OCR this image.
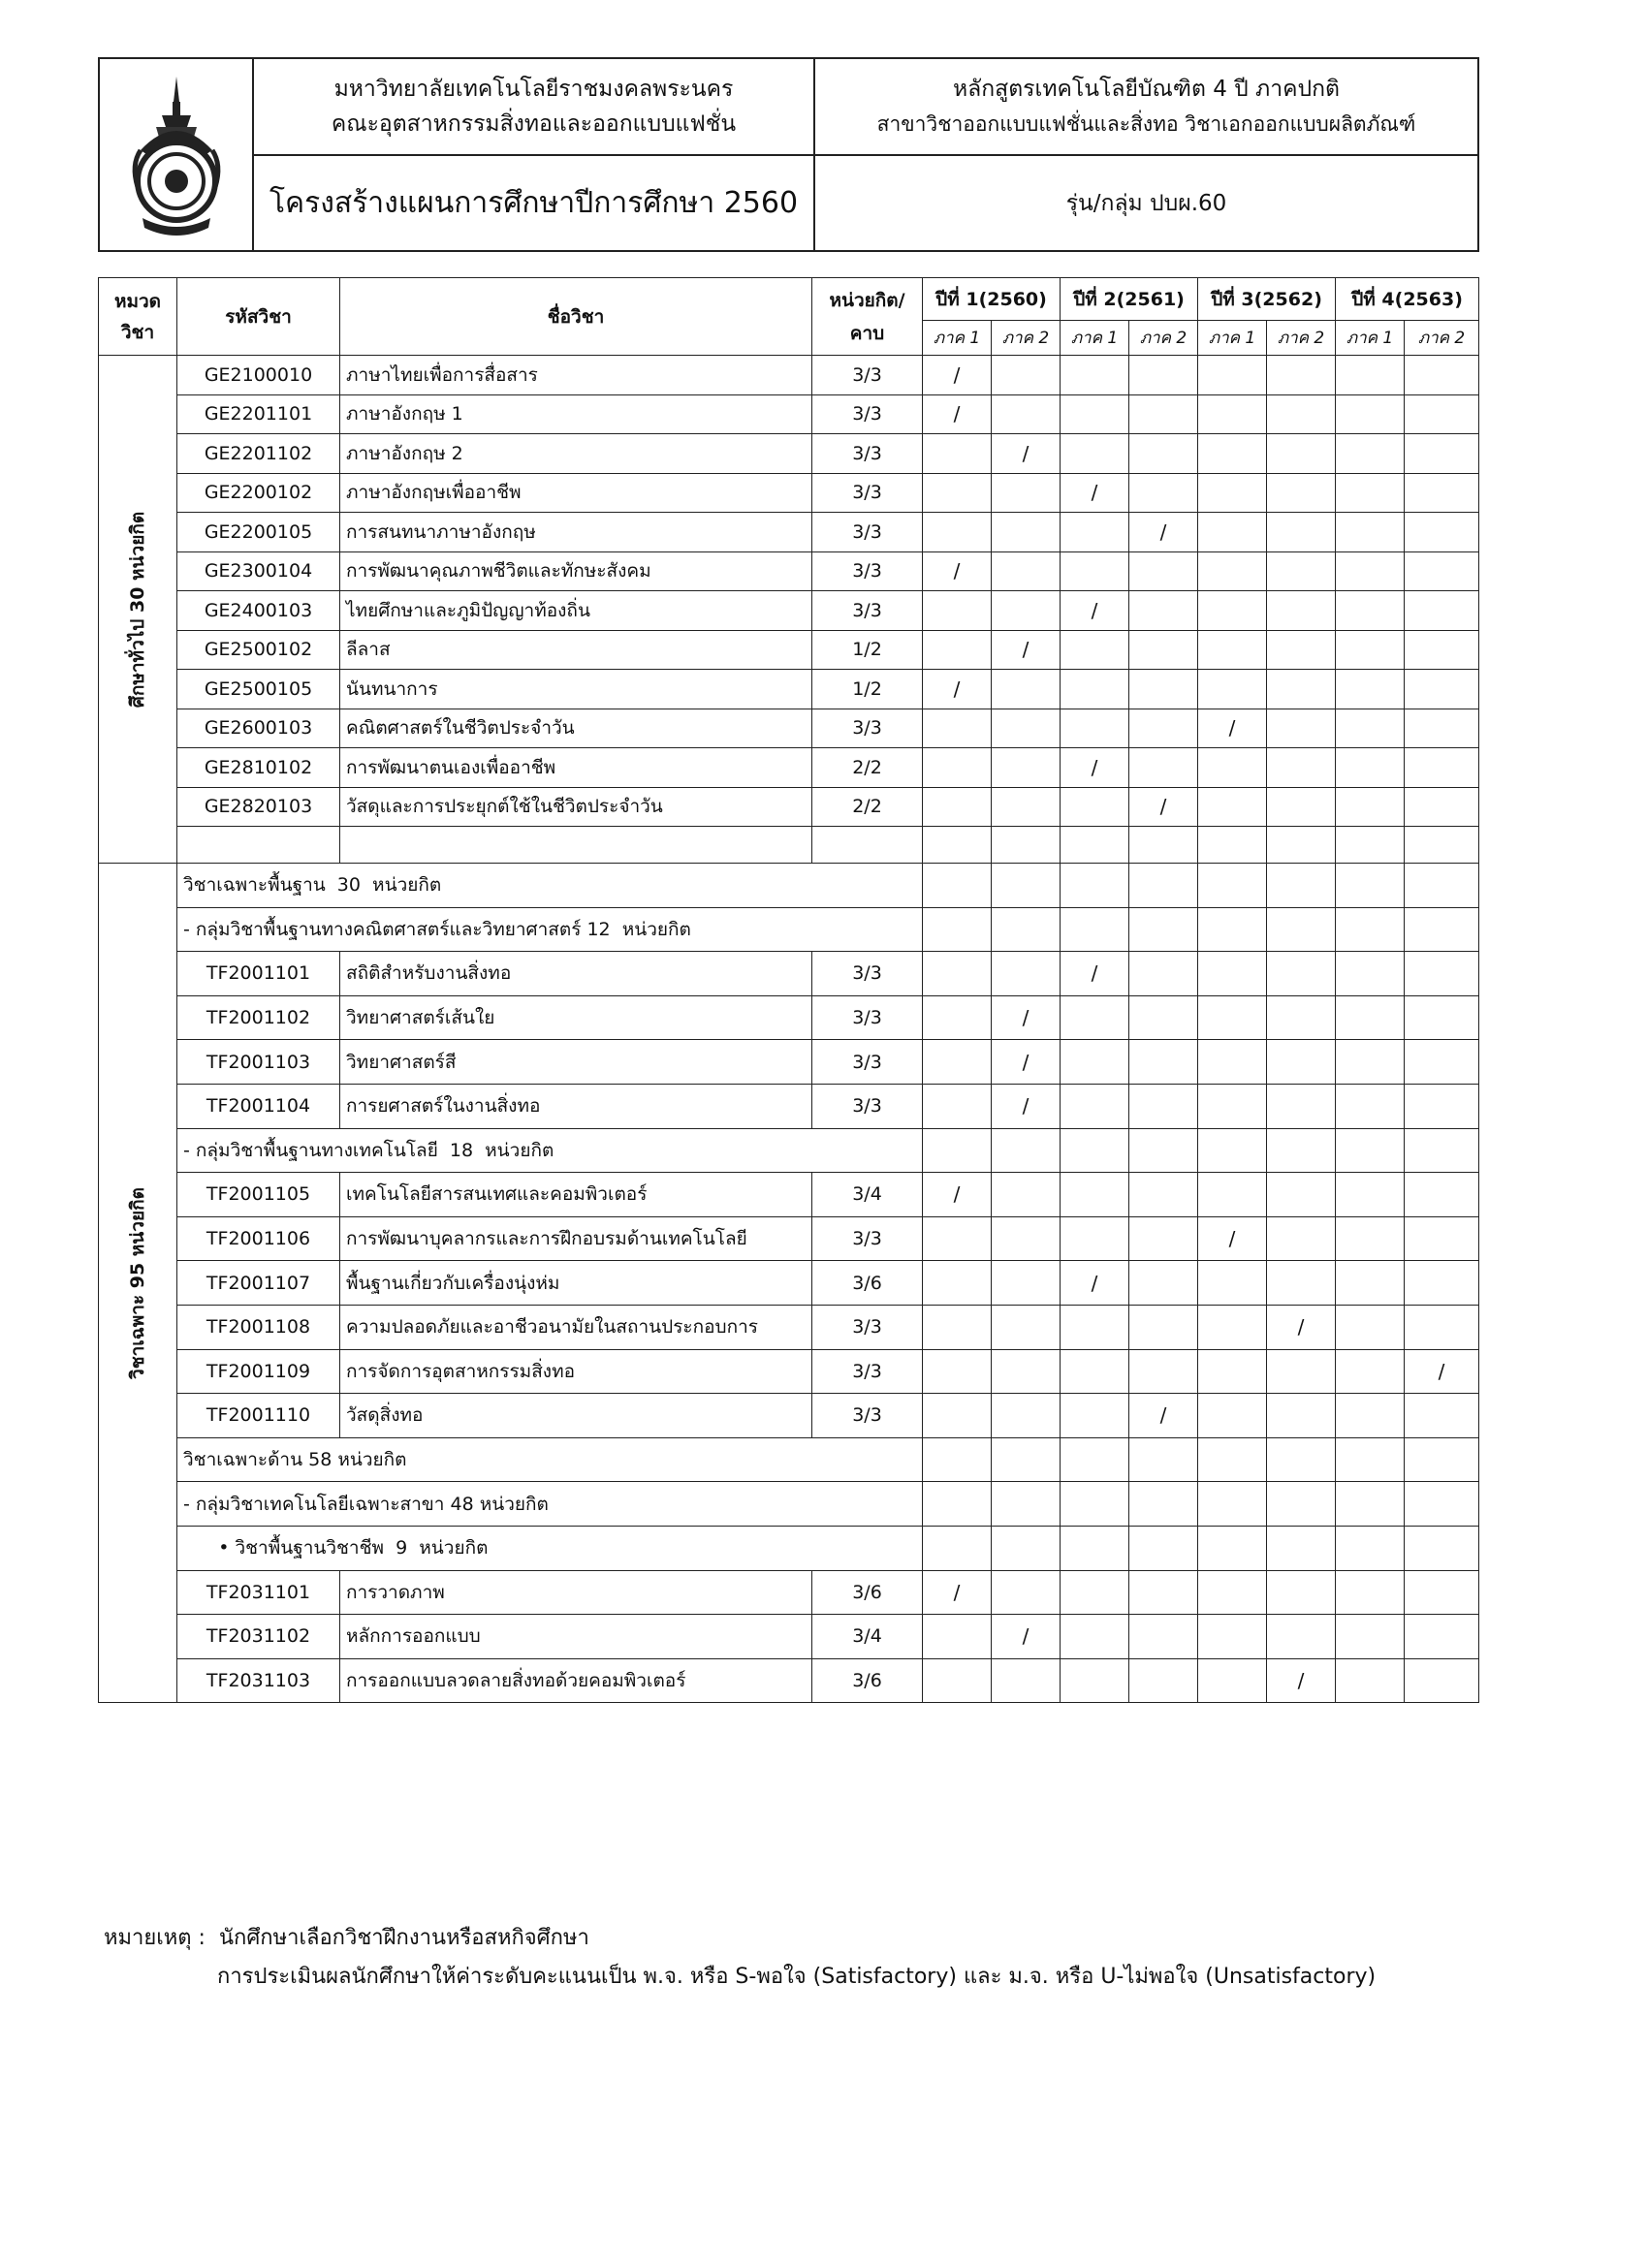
มหาวิทยาลัยเทคโนโลยีราชมงคลพระนคร
คณะอุตสาหกรรมสิ่งทอและออกแบบแฟชั่น
โครงสร้างแผนการศึกษาปีการศึกษา 2560
หลักสูตรเทคโนโลยีบัณฑิต 4 ปี ภาคปกติ
สาขาวิชาออกแบบแฟชั่นและสิ่งทอ วิชาเอกออกแบบผลิตภัณฑ์
รุ่น/กลุ่ม ปบผ.60
หมวดวิชา	รหัสวิชา	ชื่อวิชา	หน่วยกิต/คาบ	ปีที่ 1(2560)		ปีที่ 2(2561)		ปีที่ 3(2562)		ปีที่ 4(2563)	
				ภาค 1	ภาค 2	ภาค 1	ภาค 2	ภาค 1	ภาค 2	ภาค 1	ภาค 2

ศึกษาทั่วไป 30 หน่วยกิต	GE2100010	ภาษาไทยเพื่อการสื่อสาร	3/3	/							
	GE2201101	ภาษาอังกฤษ 1	3/3	/							
	GE2201102	ภาษาอังกฤษ 2	3/3		/						
	GE2200102	ภาษาอังกฤษเพื่ออาชีพ	3/3			/					
	GE2200105	การสนทนาภาษาอังกฤษ	3/3				/				
	GE2300104	การพัฒนาคุณภาพชีวิตและทักษะสังคม	3/3	/							
	GE2400103	ไทยศึกษาและภูมิปัญญาท้องถิ่น	3/3			/					
	GE2500102	ลีลาส	1/2		/						
	GE2500105	นันทนาการ	1/2	/							
	GE2600103	คณิตศาสตร์ในชีวิตประจำวัน	3/3					/			
	GE2810102	การพัฒนาตนเองเพื่ออาชีพ	2/2			/					
	GE2820103	วัสดุและการประยุกต์ใช้ในชีวิตประจำวัน	2/2				/				

วิชาเฉพาะ 95 หน่วยกิต	วิชาเฉพาะพื้นฐาน  30  หน่วยกิต										
	- กลุ่มวิชาพื้นฐานทางคณิตศาสตร์และวิทยาศาสตร์ 12  หน่วยกิต										
	TF2001101	สถิติสำหรับงานสิ่งทอ	3/3			/					
	TF2001102	วิทยาศาสตร์เส้นใย	3/3		/						
	TF2001103	วิทยาศาสตร์สี	3/3		/						
	TF2001104	การยศาสตร์ในงานสิ่งทอ	3/3		/						
	- กลุ่มวิชาพื้นฐานทางเทคโนโลยี  18  หน่วยกิต										
	TF2001105	เทคโนโลยีสารสนเทศและคอมพิวเตอร์	3/4	/							
	TF2001106	การพัฒนาบุคลากรและการฝึกอบรมด้านเทคโนโลยี	3/3					/			
	TF2001107	พื้นฐานเกี่ยวกับเครื่องนุ่งห่ม	3/6			/					
	TF2001108	ความปลอดภัยและอาชีวอนามัยในสถานประกอบการ	3/3						/		
	TF2001109	การจัดการอุตสาหกรรมสิ่งทอ	3/3								/
	TF2001110	วัสดุสิ่งทอ	3/3				/				
	วิชาเฉพาะด้าน 58 หน่วยกิต										
	- กลุ่มวิชาเทคโนโลยีเฉพาะสาขา 48 หน่วยกิต										
	• วิชาพื้นฐานวิชาชีพ  9  หน่วยกิต										
	TF2031101	การวาดภาพ	3/6	/							
	TF2031102	หลักการออกแบบ	3/4		/						
	TF2031103	การออกแบบลวดลายสิ่งทอด้วยคอมพิวเตอร์	3/6						/		
หมายเหตุ : นักศึกษาเลือกวิชาฝึกงานหรือสหกิจศึกษา
การประเมินผลนักศึกษาให้ค่าระดับคะแนนเป็น พ.จ. หรือ S-พอใจ (Satisfactory) และ ม.จ. หรือ U-ไม่พอใจ (Unsatisfactory)
